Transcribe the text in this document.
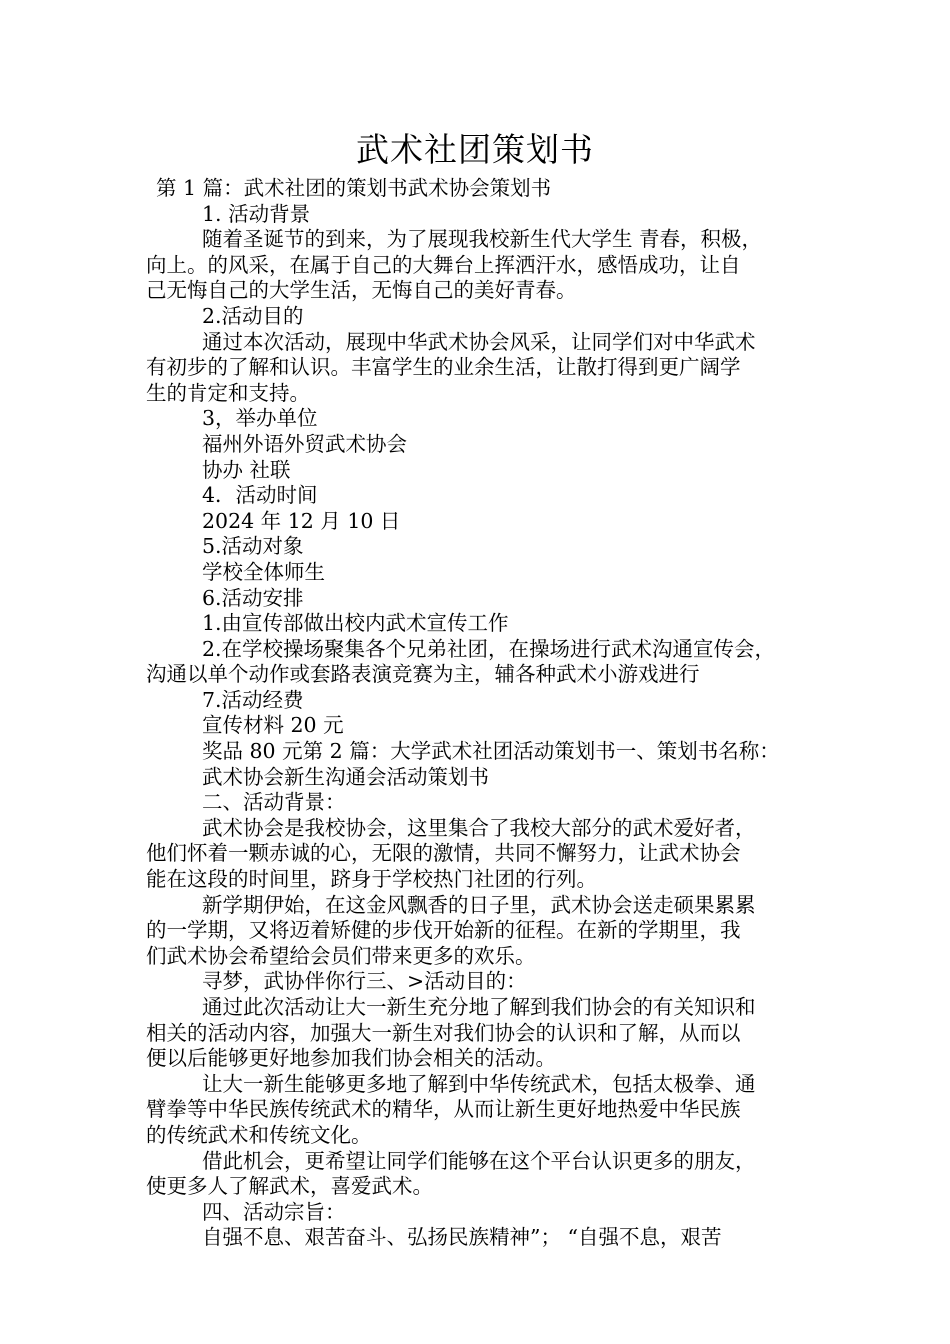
武术社团策划书
第 1 篇：武术社团的策划书武术协会策划书
1. 活动背景
随着圣诞节的到来，为了展现我校新生代大学生 青春，积极，
向上。的风采，在属于自己的大舞台上挥洒汗水，感悟成功，让自
己无悔自己的大学生活，无悔自己的美好青春。
2.活动目的
通过本次活动，展现中华武术协会风采，让同学们对中华武术
有初步的了解和认识。丰富学生的业余生活，让散打得到更广阔学
生的肯定和支持。
3，举办单位
福州外语外贸武术协会
协办 社联
4．活动时间
2024 年 12 月 10 日
5.活动对象
学校全体师生
6.活动安排
1.由宣传部做出校内武术宣传工作
2.在学校操场聚集各个兄弟社团，在操场进行武术沟通宣传会，
沟通以单个动作或套路表演竞赛为主，辅各种武术小游戏进行
7.活动经费
宣传材料 20 元
奖品 80 元第 2 篇：大学武术社团活动策划书一、策划书名称：
武术协会新生沟通会活动策划书
二、活动背景：
武术协会是我校协会，这里集合了我校大部分的武术爱好者，
他们怀着一颗赤诚的心，无限的激情，共同不懈努力，让武术协会
能在这段的时间里，跻身于学校热门社团的行列。
新学期伊始，在这金风飘香的日子里，武术协会送走硕果累累
的一学期，又将迈着矫健的步伐开始新的征程。在新的学期里，我
们武术协会希望给会员们带来更多的欢乐。
寻梦，武协伴你行三、>活动目的：
通过此次活动让大一新生充分地了解到我们协会的有关知识和
相关的活动内容，加强大一新生对我们协会的认识和了解，从而以
便以后能够更好地参加我们协会相关的活动。
让大一新生能够更多地了解到中华传统武术，包括太极拳、通
臂拳等中华民族传统武术的精华，从而让新生更好地热爱中华民族
的传统武术和传统文化。
借此机会，更希望让同学们能够在这个平台认识更多的朋友，
使更多人了解武术，喜爱武术。
四、活动宗旨：
自强不息、艰苦奋斗、弘扬民族精神”； “自强不息，艰苦
